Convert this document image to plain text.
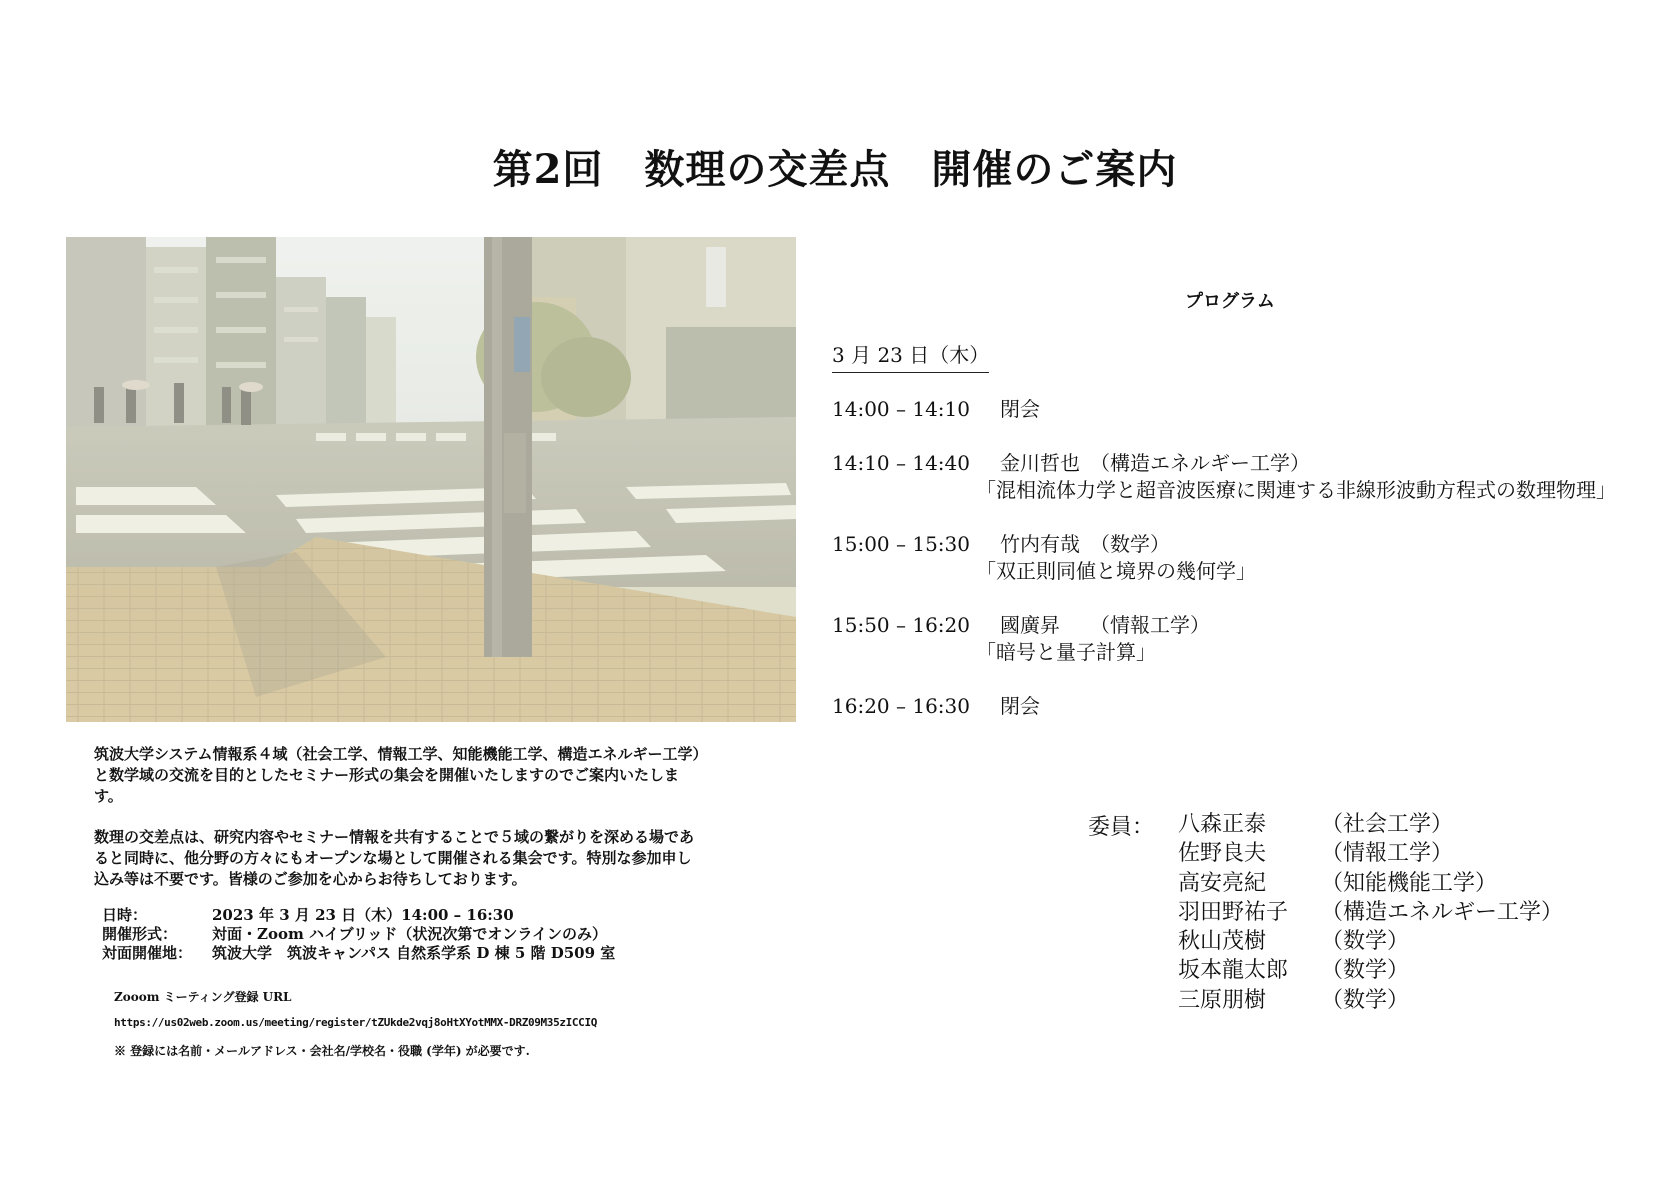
第2回　数理の交差点　開催のご案内

筑波大学システム情報系４域（社会工学、情報工学、知能機能工学、構造エネルギー工学）と数学域の交流を目的としたセミナー形式の集会を開催いたしますのでご案内いたします。

数理の交差点は、研究内容やセミナー情報を共有することで５域の繋がりを深める場であると同時に、他分野の方々にもオープンな場として開催される集会です。特別な参加申し込み等は不要です。皆様のご参加を心からお待ちしております。

日時：	2023 年 3 月 23 日（木）14:00 – 16:30
開催形式：	対面・Zoom ハイブリッド（状況次第でオンラインのみ）
対面開催地：	筑波大学　筑波キャンパス 自然系学系 D 棟 5 階 D509 室
Zooom ミーティング登録 URL
https://us02web.zoom.us/meeting/register/tZUkde2vqj8oHtXYotMMX-DRZ09M35zICCIQ
※ 登録には名前・メールアドレス・会社名/学校名・役職 (学年) が必要です.
プログラム
3 月 23 日（木）
14:00 – 14:10 閉会
14:10 – 14:40 金川哲也　（構造エネルギー工学）
「混相流体力学と超音波医療に関連する非線形波動方程式の数理物理」
15:00 – 15:30 竹内有哉　（数学）
「双正則同値と境界の幾何学」
15:50 – 16:20 國廣昇　　（情報工学）
「暗号と量子計算」
16:20 – 16:30 閉会
委員： 八森正泰	（社会工学）
佐野良夫	（情報工学）
高安亮紀	（知能機能工学）
羽田野祐子	（構造エネルギー工学）
秋山茂樹	（数学）
坂本龍太郎	（数学）
三原朋樹	（数学）
